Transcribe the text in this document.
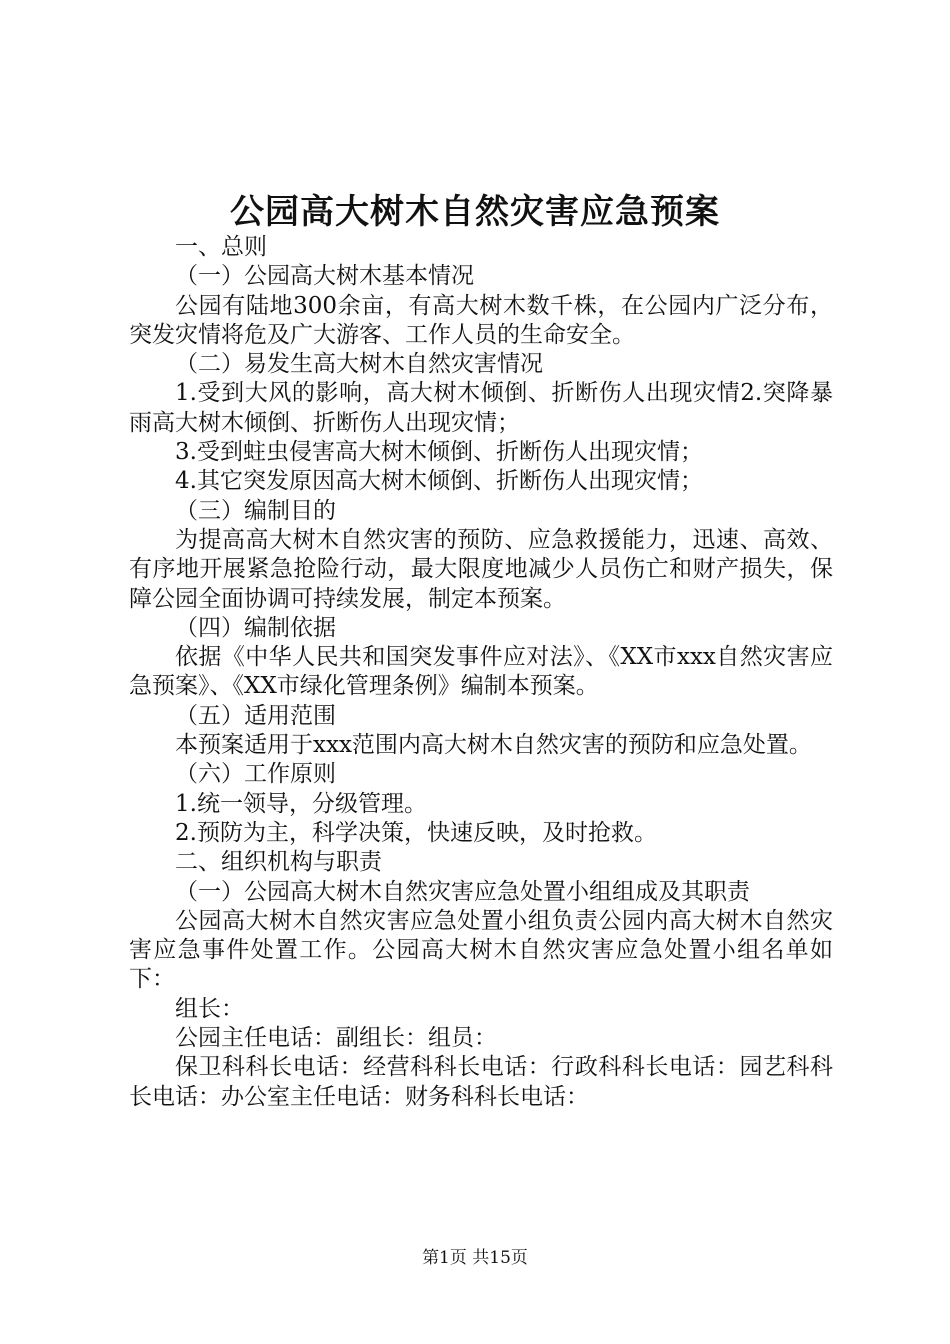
公园高大树木自然灾害应急预案

一、总则

（一）公园高大树木基本情况

公园有陆地300余亩，有高大树木数千株，在公园内广泛分布，突发灾情将危及广大游客、工作人员的生命安全。

（二）易发生高大树木自然灾害情况

1.受到大风的影响，高大树木倾倒、折断伤人出现灾情2.突降暴雨高大树木倾倒、折断伤人出现灾情；

3.受到蛀虫侵害高大树木倾倒、折断伤人出现灾情；

4.其它突发原因高大树木倾倒、折断伤人出现灾情；

（三）编制目的

为提高高大树木自然灾害的预防、应急救援能力，迅速、高效、有序地开展紧急抢险行动，最大限度地减少人员伤亡和财产损失，保障公园全面协调可持续发展，制定本预案。

（四）编制依据

依据《中华人民共和国突发事件应对法》、《XX市xxx自然灾害应急预案》、《XX市绿化管理条例》编制本预案。

（五）适用范围

本预案适用于xxx范围内高大树木自然灾害的预防和应急处置。

（六）工作原则

1.统一领导，分级管理。

2.预防为主，科学决策，快速反映，及时抢救。

二、组织机构与职责

（一）公园高大树木自然灾害应急处置小组组成及其职责

公园高大树木自然灾害应急处置小组负责公园内高大树木自然灾害应急事件处置工作。公园高大树木自然灾害应急处置小组名单如下：

组长：

公园主任电话：副组长：组员：

保卫科科长电话：经营科科长电话：行政科科长电话：园艺科科长电话：办公室主任电话：财务科科长电话：

第1页 共15页
